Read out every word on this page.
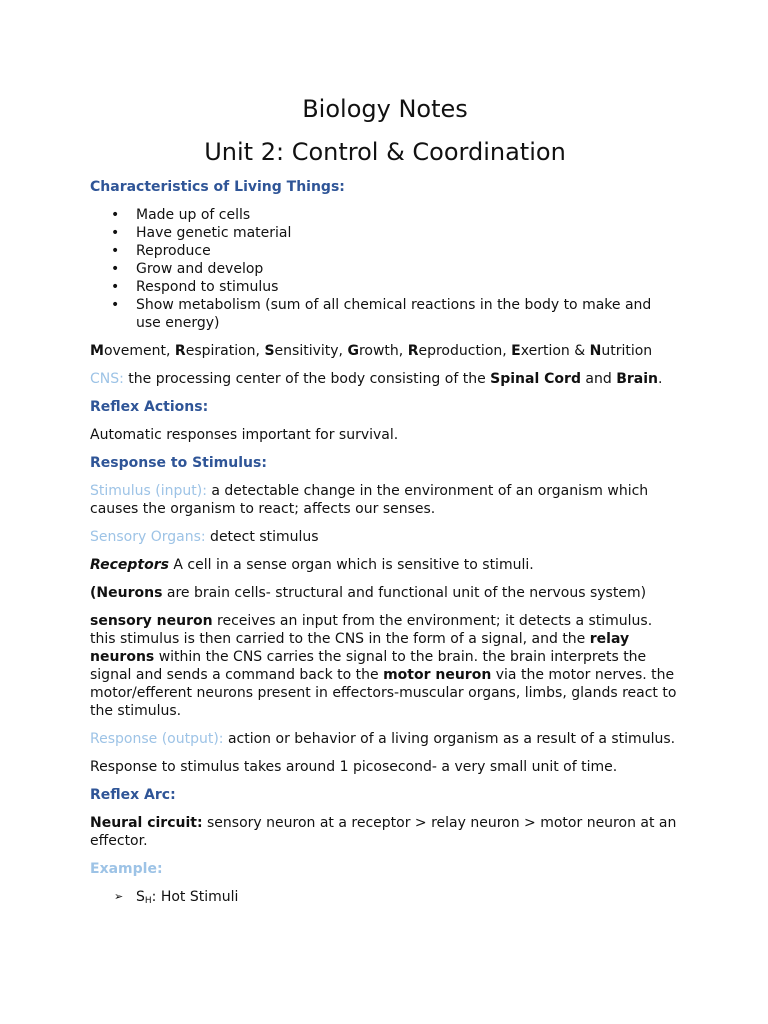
Biology Notes
Unit 2: Control & Coordination

Characteristics of Living Things:

• Made up of cells
• Have genetic material
• Reproduce
• Grow and develop
• Respond to stimulus
• Show metabolism (sum of all chemical reactions in the body to make and use energy)

Movement, Respiration, Sensitivity, Growth, Reproduction, Exertion & Nutrition

CNS: the processing center of the body consisting of the Spinal Cord and Brain.

Reflex Actions:

Automatic responses important for survival.

Response to Stimulus:

Stimulus (input): a detectable change in the environment of an organism which causes the organism to react; affects our senses.

Sensory Organs: detect stimulus

Receptors A cell in a sense organ which is sensitive to stimuli.

(Neurons are brain cells- structural and functional unit of the nervous system)

sensory neuron receives an input from the environment; it detects a stimulus. this stimulus is then carried to the CNS in the form of a signal, and the relay neurons within the CNS carries the signal to the brain. the brain interprets the signal and sends a command back to the motor neuron via the motor nerves. the motor/efferent neurons present in effectors-muscular organs, limbs, glands react to the stimulus.

Response (output): action or behavior of a living organism as a result of a stimulus.

Response to stimulus takes around 1 picosecond- a very small unit of time.

Reflex Arc:

Neural circuit: sensory neuron at a receptor > relay neuron > motor neuron at an effector.

Example:

➢ $S_H$: Hot Stimuli
